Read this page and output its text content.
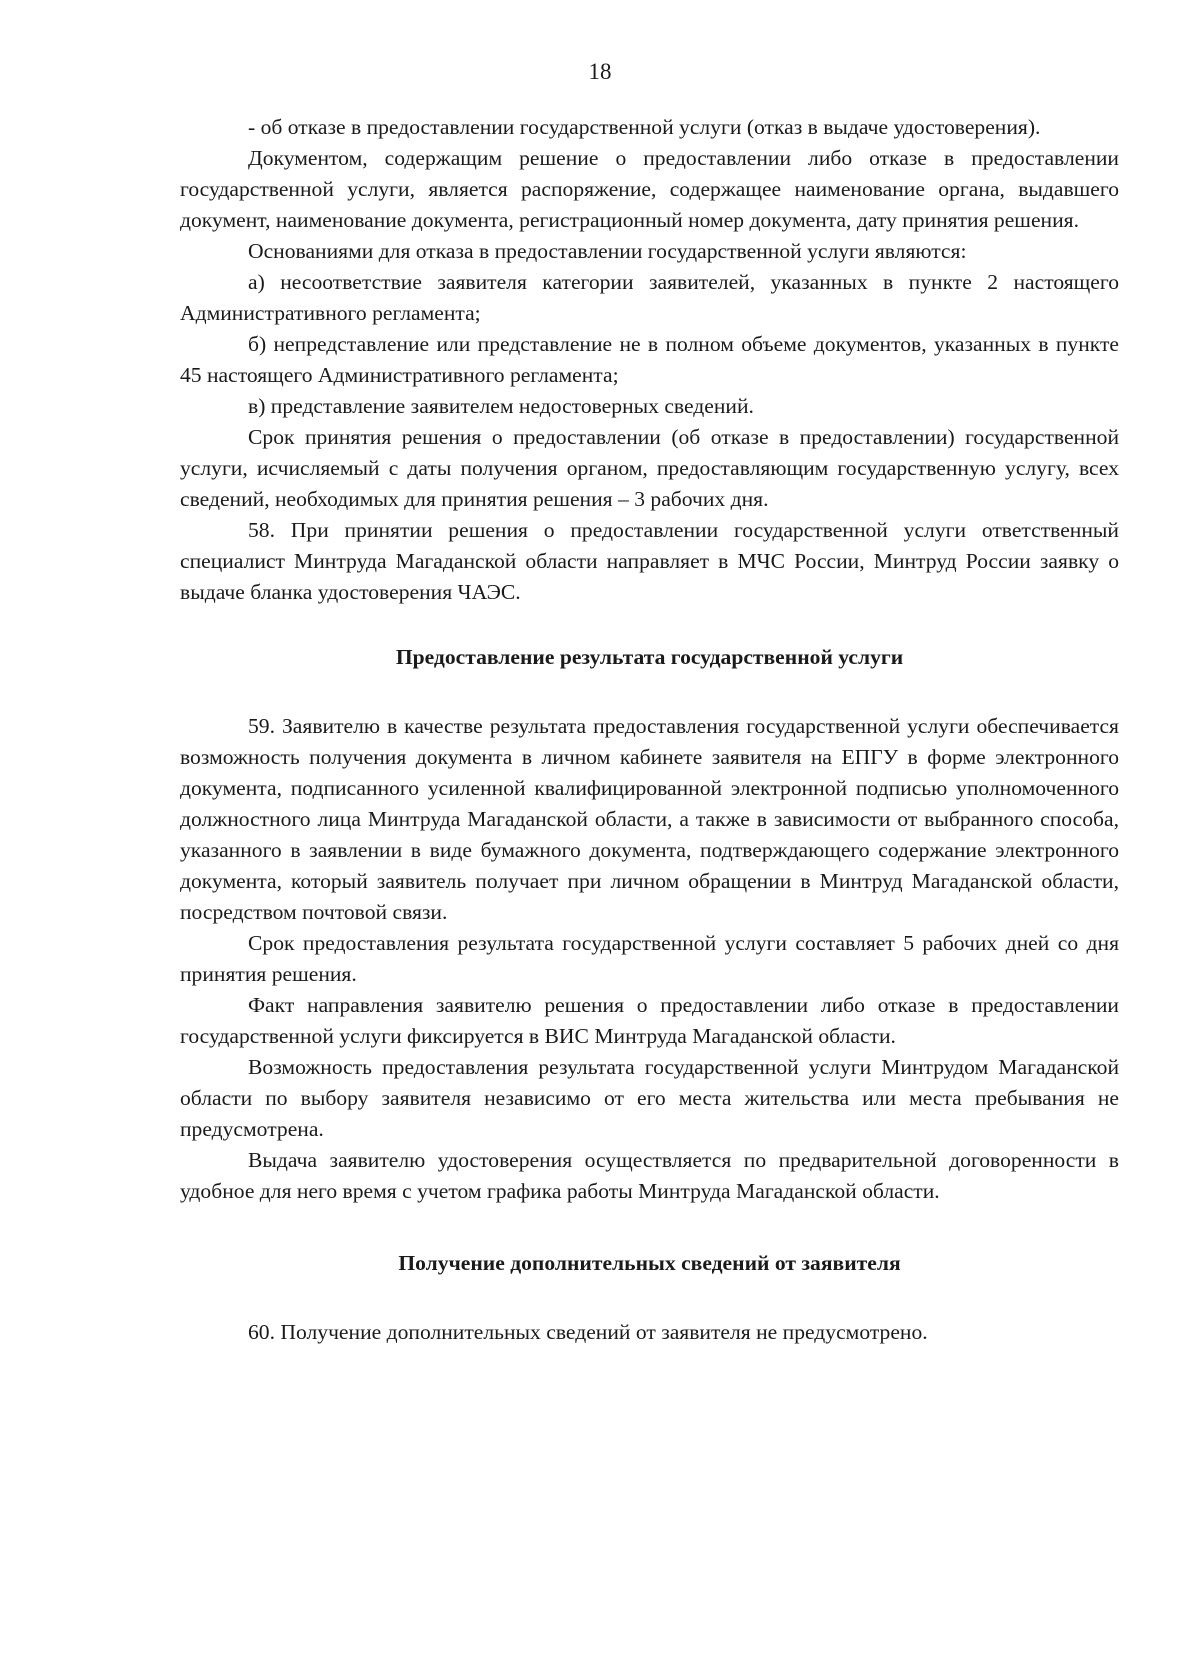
18

- об отказе в предоставлении государственной услуги (отказ в выдаче удостоверения).

Документом, содержащим решение о предоставлении либо отказе в предоставлении государственной услуги, является распоряжение, содержащее наименование органа, выдавшего документ, наименование документа, регистрационный номер документа, дату принятия решения.

Основаниями для отказа в предоставлении государственной услуги являются:

а) несоответствие заявителя категории заявителей, указанных в пункте 2 настоящего Административного регламента;

б) непредставление или представление не в полном объеме документов, указанных в пункте 45 настоящего Административного регламента;

в) представление заявителем недостоверных сведений.

Срок принятия решения о предоставлении (об отказе в предоставлении) государственной услуги, исчисляемый с даты получения органом, предоставляющим государственную услугу, всех сведений, необходимых для принятия решения – 3 рабочих дня.

58. При принятии решения о предоставлении государственной услуги ответственный специалист Минтруда Магаданской области направляет в МЧС России, Минтруд России заявку о выдаче бланка удостоверения ЧАЭС.

Предоставление результата государственной услуги

59. Заявителю в качестве результата предоставления государственной услуги обеспечивается возможность получения документа в личном кабинете заявителя на ЕПГУ в форме электронного документа, подписанного усиленной квалифицированной электронной подписью уполномоченного должностного лица Минтруда Магаданской области, а также в зависимости от выбранного способа, указанного в заявлении в виде бумажного документа, подтверждающего содержание электронного документа, который заявитель получает при личном обращении в Минтруд Магаданской области, посредством почтовой связи.

Срок предоставления результата государственной услуги составляет 5 рабочих дней со дня принятия решения.

Факт направления заявителю решения о предоставлении либо отказе в предоставлении государственной услуги фиксируется в ВИС Минтруда Магаданской области.

Возможность предоставления результата государственной услуги Минтрудом Магаданской области по выбору заявителя независимо от его места жительства или места пребывания не предусмотрена.

Выдача заявителю удостоверения осуществляется по предварительной договоренности в удобное для него время с учетом графика работы Минтруда Магаданской области.

Получение дополнительных сведений от заявителя

60. Получение дополнительных сведений от заявителя не предусмотрено.
